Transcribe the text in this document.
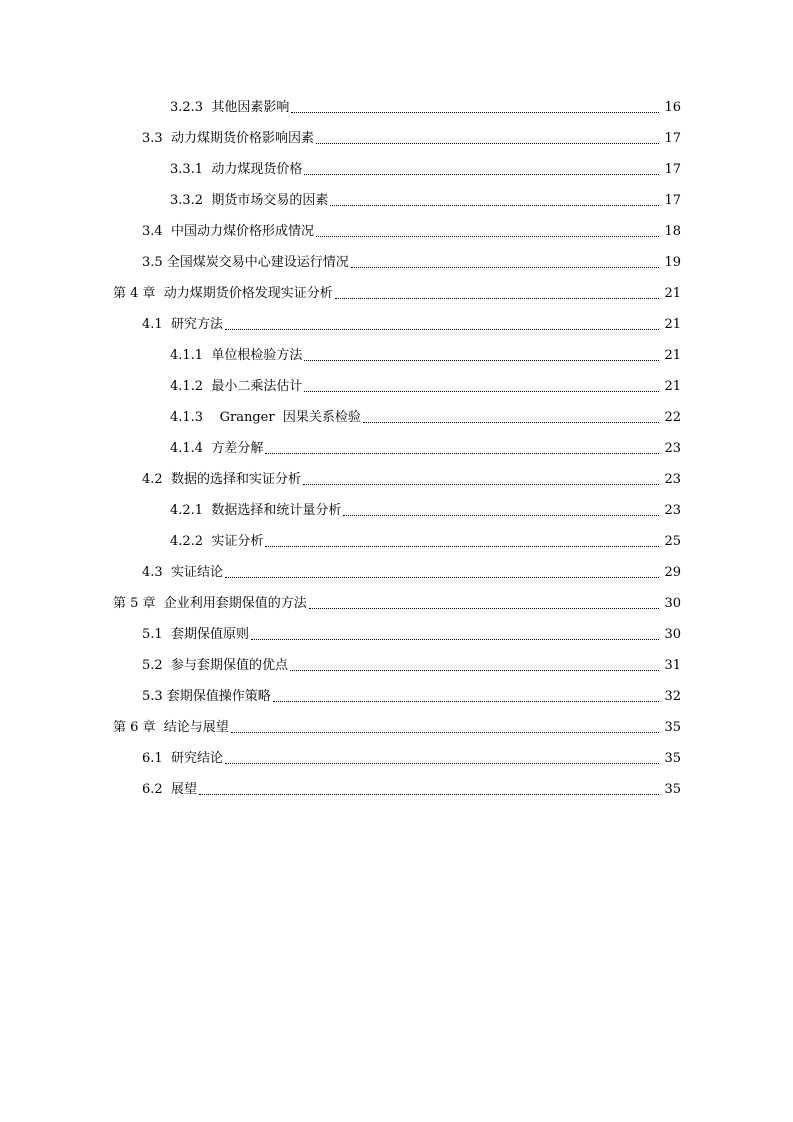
3.2.3  其他因素影响	16
3.3  动力煤期货价格影响因素	17
3.3.1  动力煤现货价格	17
3.3.2  期货市场交易的因素	17
3.4  中国动力煤价格形成情况	18
3.5 全国煤炭交易中心建设运行情况	19
第 4 章  动力煤期货价格发现实证分析	21
4.1  研究方法	21
4.1.1  单位根检验方法	21
4.1.2  最小二乘法估计	21
4.1.3    Granger  因果关系检验	22
4.1.4  方差分解	23
4.2  数据的选择和实证分析	23
4.2.1  数据选择和统计量分析	23
4.2.2  实证分析	25
4.3  实证结论	29
第 5 章  企业利用套期保值的方法	30
5.1  套期保值原则	30
5.2  参与套期保值的优点	31
5.3 套期保值操作策略	32
第 6 章  结论与展望	35
6.1  研究结论	35
6.2  展望	35
